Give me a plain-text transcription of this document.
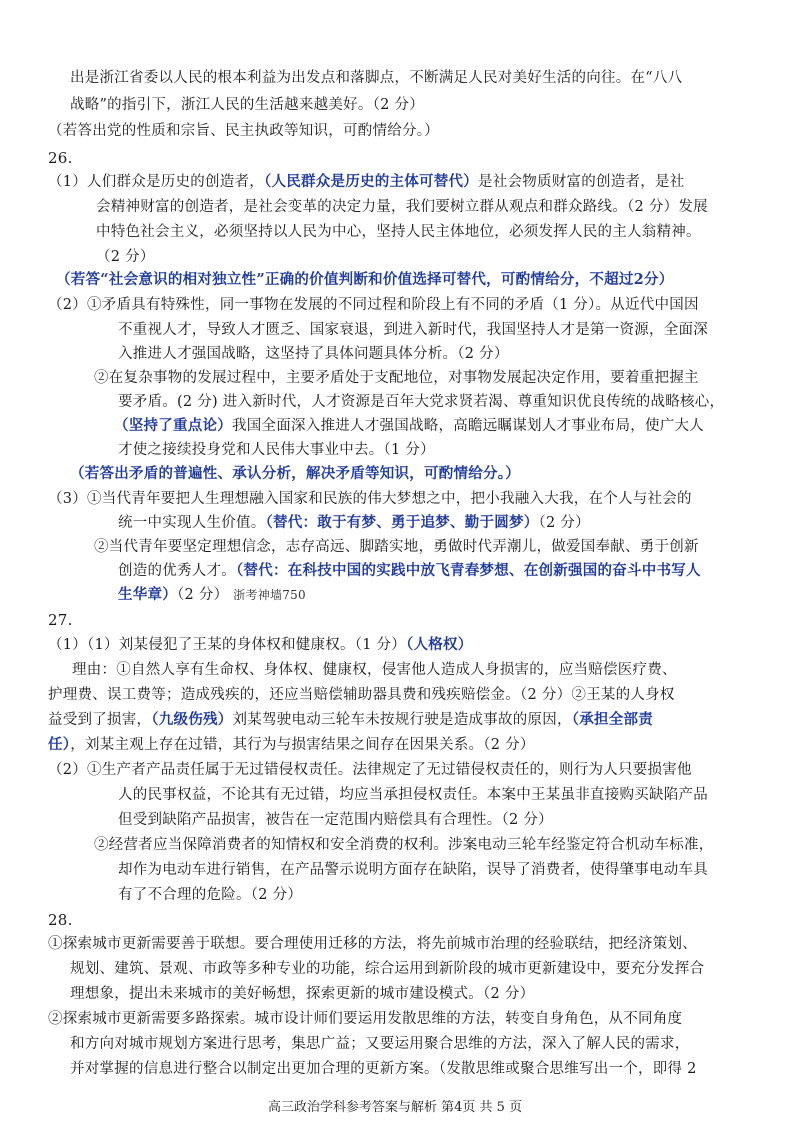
出是浙江省委以人民的根本利益为出发点和落脚点，不断满足人民对美好生活的向往。在“八八
战略”的指引下，浙江人民的生活越来越美好。（2 分）
（若答出党的性质和宗旨、民主执政等知识，可酌情给分。）
26.
（1）人们群众是历史的创造者，（人民群众是历史的主体可替代）是社会物质财富的创造者，是社
会精神财富的创造者，是社会变革的决定力量，我们要树立群从观点和群众路线。（2 分）发展
中特色社会主义，必须坚持以人民为中心，坚持人民主体地位，必须发挥人民的主人翁精神。
（2 分）
（若答“社会意识的相对独立性”正确的价值判断和价值选择可替代，可酌情给分，不超过2分）
（2）①矛盾具有特殊性，同一事物在发展的不同过程和阶段上有不同的矛盾（1 分）。从近代中国因
不重视人才，导致人才匮乏、国家衰退，到进入新时代，我国坚持人才是第一资源，全面深
入推进人才强国战略，这坚持了具体问题具体分析。（2 分）
②在复杂事物的发展过程中，主要矛盾处于支配地位，对事物发展起决定作用，要着重把握主
要矛盾。(2 分) 进入新时代，人才资源是百年大党求贤若渴、尊重知识优良传统的战略核心，
（坚持了重点论）我国全面深入推进人才强国战略，高瞻远瞩谋划人才事业布局，使广大人
才使之接续投身党和人民伟大事业中去。（1 分）
（若答出矛盾的普遍性、承认分析，解决矛盾等知识，可酌情给分。）
（3）①当代青年要把人生理想融入国家和民族的伟大梦想之中，把小我融入大我，在个人与社会的
统一中实现人生价值。（替代：敢于有梦、勇于追梦、勤于圆梦）（2 分）
②当代青年要坚定理想信念，志存高远、脚踏实地，勇做时代弄潮儿，做爱国奉献、勇于创新
创造的优秀人才。（替代：在科技中国的实践中放飞青春梦想、在创新强国的奋斗中书写人
生华章）（2 分） 浙考神墙750
27.
（1）（1）刘某侵犯了王某的身体权和健康权。（1 分）（人格权）
理由：①自然人享有生命权、身体权、健康权，侵害他人造成人身损害的，应当赔偿医疗费、
护理费、误工费等；造成残疾的，还应当赔偿辅助器具费和残疾赔偿金。（2 分）②王某的人身权
益受到了损害，（九级伤残）刘某驾驶电动三轮车未按规行驶是造成事故的原因，（承担全部责
任），刘某主观上存在过错，其行为与损害结果之间存在因果关系。（2 分）
（2）①生产者产品责任属于无过错侵权责任。法律规定了无过错侵权责任的，则行为人只要损害他
人的民事权益，不论其有无过错，均应当承担侵权责任。本案中王某虽非直接购买缺陷产品
但受到缺陷产品损害，被告在一定范围内赔偿具有合理性。（2 分）
②经营者应当保障消费者的知情权和安全消费的权利。涉案电动三轮车经鉴定符合机动车标准，
却作为电动车进行销售，在产品警示说明方面存在缺陷，误导了消费者，使得肇事电动车具
有了不合理的危险。（2 分）
28.
①探索城市更新需要善于联想。要合理使用迁移的方法，将先前城市治理的经验联结，把经济策划、
规划、建筑、景观、市政等多种专业的功能，综合运用到新阶段的城市更新建设中，要充分发挥合
理想象，提出未来城市的美好畅想，探索更新的城市建设模式。（2 分）
②探索城市更新需要多路探索。城市设计师们要运用发散思维的方法，转变自身角色，从不同角度
和方向对城市规划方案进行思考，集思广益；又要运用聚合思维的方法，深入了解人民的需求，
并对掌握的信息进行整合以制定出更加合理的更新方案。（发散思维或聚合思维写出一个，即得 2
高三政治学科参考答案与解析 第4页 共 5 页
